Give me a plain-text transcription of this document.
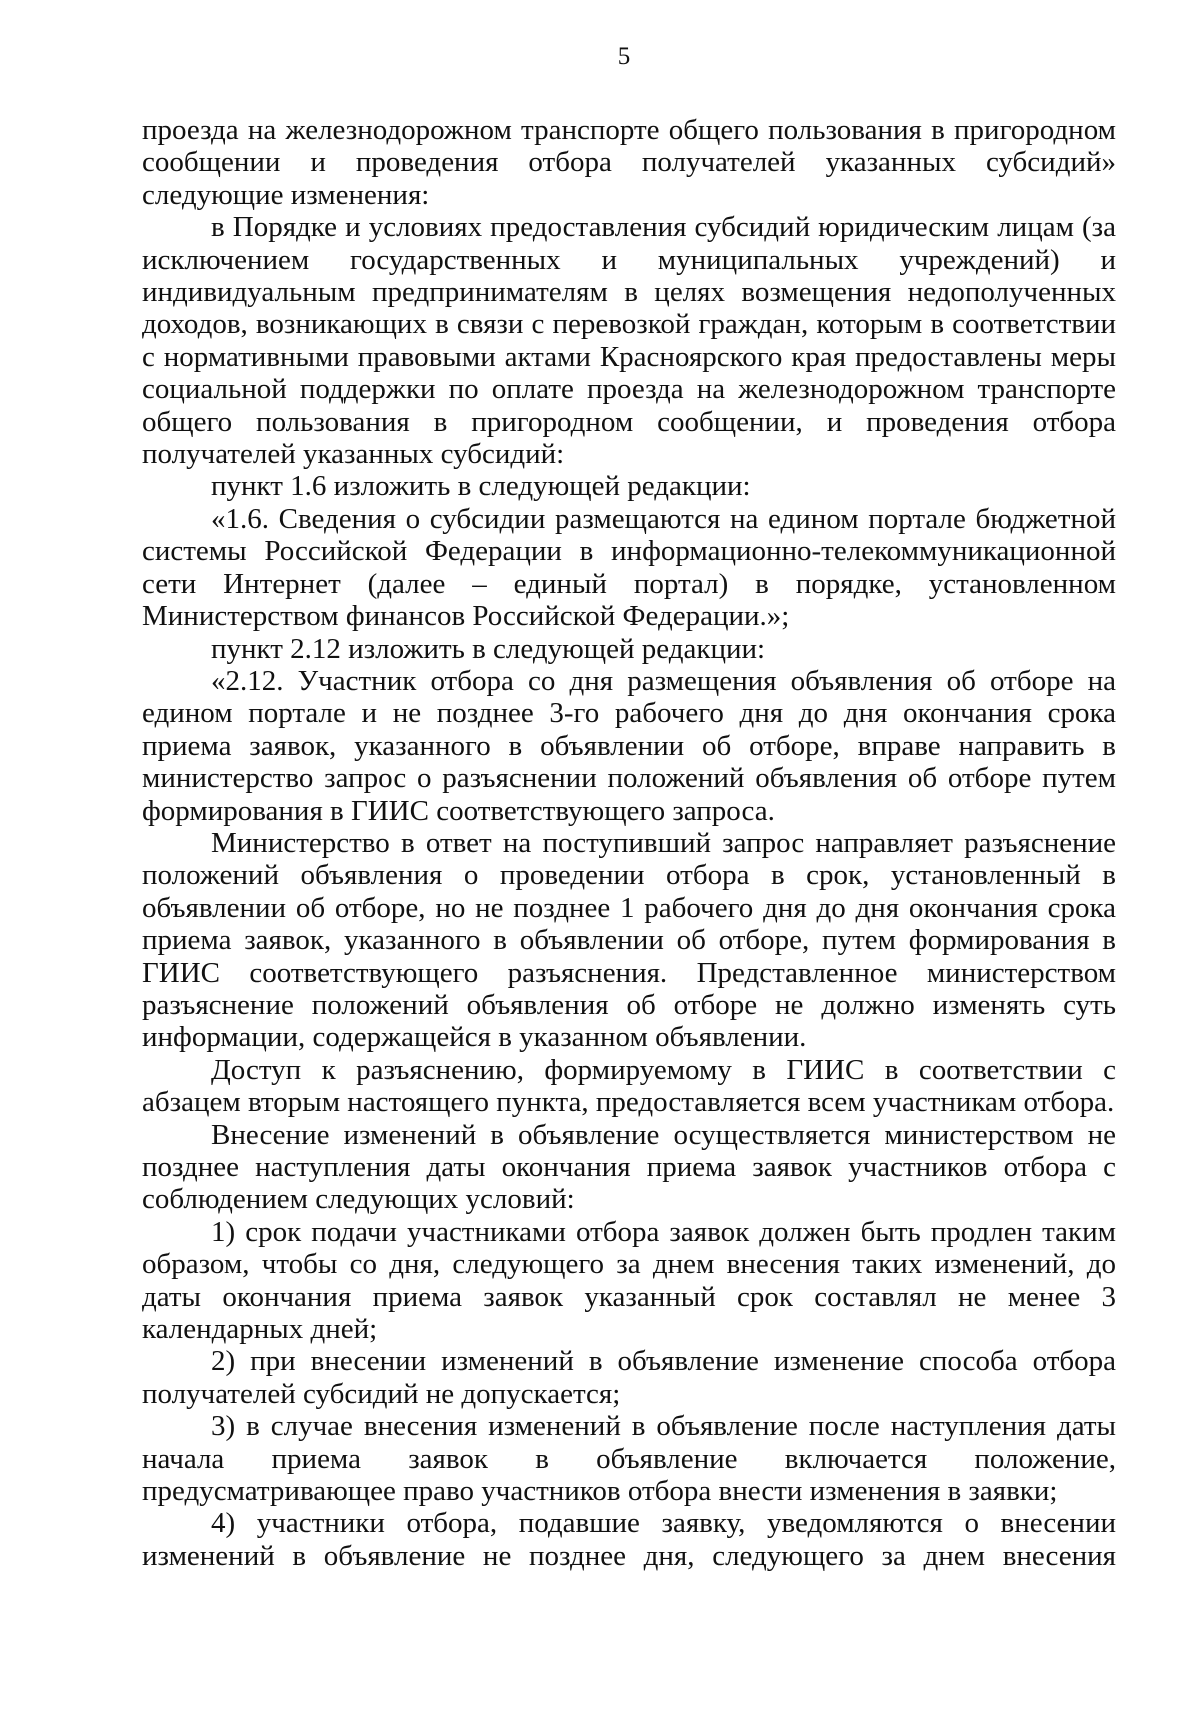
5

проезда на железнодорожном транспорте общего пользования в пригородном сообщении и проведения отбора получателей указанных субсидий» следующие изменения:

в Порядке и условиях предоставления субсидий юридическим лицам (за исключением государственных и муниципальных учреждений) и индивидуальным предпринимателям в целях возмещения недополученных доходов, возникающих в связи с перевозкой граждан, которым в соответствии с нормативными правовыми актами Красноярского края предоставлены меры социальной поддержки по оплате проезда на железнодорожном транспорте общего пользования в пригородном сообщении, и проведения отбора получателей указанных субсидий:

пункт 1.6 изложить в следующей редакции:

«1.6. Сведения о субсидии размещаются на едином портале бюджетной системы Российской Федерации в информационно-телекоммуникационной сети Интернет (далее – единый портал) в порядке, установленном Министерством финансов Российской Федерации.»;

пункт 2.12 изложить в следующей редакции:

«2.12. Участник отбора со дня размещения объявления об отборе на едином портале и не позднее 3-го рабочего дня до дня окончания срока приема заявок, указанного в объявлении об отборе, вправе направить в министерство запрос о разъяснении положений объявления об отборе путем формирования в ГИИС соответствующего запроса.

Министерство в ответ на поступивший запрос направляет разъяснение положений объявления о проведении отбора в срок, установленный в объявлении об отборе, но не позднее 1 рабочего дня до дня окончания срока приема заявок, указанного в объявлении об отборе, путем формирования в ГИИС соответствующего разъяснения. Представленное министерством разъяснение положений объявления об отборе не должно изменять суть информации, содержащейся в указанном объявлении.

Доступ к разъяснению, формируемому в ГИИС в соответствии с абзацем вторым настоящего пункта, предоставляется всем участникам отбора.

Внесение изменений в объявление осуществляется министерством не позднее наступления даты окончания приема заявок участников отбора с соблюдением следующих условий:

1) срок подачи участниками отбора заявок должен быть продлен таким образом, чтобы со дня, следующего за днем внесения таких изменений, до даты окончания приема заявок указанный срок составлял не менее 3 календарных дней;

2) при внесении изменений в объявление изменение способа отбора получателей субсидий не допускается;

3) в случае внесения изменений в объявление после наступления даты начала приема заявок в объявление включается положение, предусматривающее право участников отбора внести изменения в заявки;

4) участники отбора, подавшие заявку, уведомляются о внесении изменений в объявление не позднее дня, следующего за днем внесения
